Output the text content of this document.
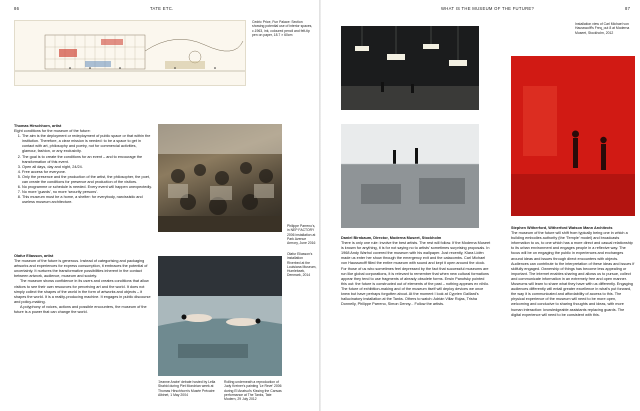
86	TATE ETC.
Cedric Price, Fun Palace: Section showing potential use of interior spaces, c.1963, ink, coloured pencil and felt-tip pen on paper, 18.7 × 60cm

Thomas Hirschhorn, artist

Eight conditions for the museum of the future:

1. The aim is the deployment or redeployment of public space or that within the institution. Therefore, a clear mission is needed: to be a space to get in contact with art, philosophy and poetry, not for commercial activities, glamour, fashion, or any exclusivity.
2. The goal is to create the conditions for an event – and to encourage the transformation of this event.
3. Open all days, day and night, 24/24.
4. Free access for everyone.
5. Only the presence and the production of the artist, the philosopher, the poet, can create the conditions for presence and production of the visitors.
6. No programme or schedule is needed. Every event will happen unexpectedly.
7. No more 'guards', no more 'security persons'.
8. This museum must be a home, a shelter: for everybody, narcissistic and useless museum architecture.

Olafur Eliasson, artist

The museum of the future is generous. Instead of categorising and packaging artworks and experiences for express consumption, it embraces the potential of uncertainty. It nurtures the transformative possibilities inherent in the contact between artwork, audience, museum and society.

The museum shows confidence in its users and creates conditions that allow visitors to see their own resources for perceiving art and the world. It does not simply collect the shapes of the world in the form of artworks and objects – it shapes the world. It is a reality-producing machine. It engages in public discourse and policy-making.

A polyphony of voices, actions and possible encounters, the museum of the future is a power that can change the world.

Philippe Parreno's, in NEP FACTORY 2006 installation at Park Avenue Armory, June 2016
Olafur Eliasson's installation Riverbed at the Louisiana Museum, Humlebaek, Denmark, 2014
'Jeanne Arabe' debate hosted by Lella Shahid during Piet Mondrian week at Thomas Hirschhorn's Musée Précaire Albinet, 1 May 2004
Rolling underneath a reproduction of Judy Kreiner's painting 'Le Reve' 2006 during El Anatsui's Kissing the Canvas performance at The Tanks, Tate Modern, 29 July 2012
WHAT IS THE MUSEUM OF THE FUTURE?	87
Installation view of Carl Michael von Hausswolff's Freq_out 8 at Moderna Museet, Stockholm, 2012

Daniel Birnbaum, Director, Moderna Museet, Stockholm

There is only one rule: involve the best artists. The rest will follow. If the Moderna Museet is known for anything, it is for not saying no to artists' sometimes surprising proposals. In 1968 Andy Warhol covered the museum with his wallpaper. Just recently, Klara Lidén made us enter her show through the emergency exit and the catacombs. Carl Michael von Hausswolff filled the entire museum with sound and kept it open around the clock. For those of us who sometimes feel depressed by the fact that successful museums are run like global corporations, it is relevant to remember that when new cultural formations appear they tend to use fragments of already obsolete forms. Erwin Panofsky pointed this out: the future is constructed out of elements of the past – nothing appears ex nihilo. The future of exhibition-making and of the museum itself will deploy devices we once knew but have perhaps forgotten about. At the moment I look at Cyprien Gaillard's hallucinatory installation at the Tanks. Others to watch: Adrián Villar Rojas, Trisha Donnelly, Philippe Parreno, Simon Denny... Follow the artists.

Stephen Witherford, Witherford Watson Mann Architects

The museum of the future will shift from typically being one in which a building embodies authority (the 'Temple' model) and broadcasts information to us, to one which has a more direct and casual relationship to its urban environment and engages people in a reflexive way. The focus will be on engaging the public in experiences and exchanges around ideas and issues through direct encounters with objects. Audiences can contribute to the interpretation of these ideas and issues if skilfully engaged. Ownership of things has become less appealing or important. The internet enables sharing and allows us to pursue, collect and communicate information in an extremely free and open manner. Museums will learn to share what they have with us differently. Engaging audiences differently will entail greater excellence in what's put forward, the way it is communicated and affordability of access to this. The physical experience of the museum will need to be more open, welcoming and conducive to sharing thoughts and ideas, with more human interaction: knowledgeable assistants replacing guards. The digital experience will need to be consistent with this.
